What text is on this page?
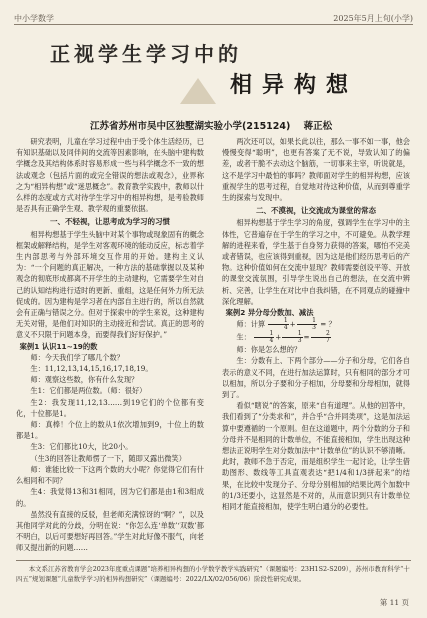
中小学数学	2025年5月上旬(小学)
正视学生学习中的
相异构想
江苏省苏州市吴中区独墅湖实验小学(215124) 蒋正松

研究表明，儿童在学习过程中由于受个体生活经历，已有知识基础以及同伴间的交流等因素影响，在头脑中建构数学概念及其结构体系时容易形成一些与科学概念不一致的想法或观念（包括片面的或完全错误的想法或观念），业界称之为“相异构想”或“迷思概念”。教育教学实践中，教师以什么样的态度或方式对待学生学习中的相异构想，是考验教师是否具有正确学生观、教学观的重要依据。

一、不轻视，让思考成为学习的习惯

相异构想基于学生头脑中对某个事物或现象固有的概念框架或解释结构，是学生对客观环境的能动反应，标志着学生内部思考与外部环境交互作用的开始。建构主义认为：“一个问题的真正解决，一种方法的基础掌握以及某种观念的彻底形成都离不开学生的主动建构，它需要学生对自己的认知结构进行适时的更新、重组，这是任何外力所无法促成的。因为建构是学习者在内部自主进行的，所以自然就会有正确与错误之分。但对于探索中的学生来说，这种建构无关对错，是他们对知识的主动接近和尝试。真正的思考的意义不只限于问题本身，而要得我们好好保护。”

案例1 认识11~19的数

师：今天我们学了哪几个数？

生：11,12,13,14,15,16,17,18,19。

师：观察这些数，你有什么发现？

生1：它们都是两位数。（师：很好）

生2：我发现11,12,13……到19它们的个位都有变化，十位都是1。

师：真棒！个位上的数从1依次增加到9，十位上的数都是1。

生3：它们都比10大，比20小。

（生3的回答让教师愣了一下，随即又露出微笑）

师：谁能比较一下这两个数的大小呢？你觉得它们有什么相同和不同？

生4：我觉得13和31相同，因为它们都是由1和3组成的。

虽然没有直接的反驳，但老师充满惊讶的“啊？”，以及其他同学对此的分歧，分明在说：“你怎么连‘单数’‘双数’都不明白，以后可要想好再回答。”学生对此好像不服气，向老师又提出新的问题……

两次还可以，如果长此以往，那么一事不如一事，他会慢慢变得“聪明”，也更有答案了无不说，导致认知了的偏差，或者干脆不去动这个脑筋，一切事来主宰，听说就是，这不是学习中最怕的事吗？教师面对学生的相异构想，应该重视学生的思考过程，自觉地对待这种价值，从而到尊重学生的探索与发现中。

二、不漠视，让交流成为课堂的常态

相异构想基于学生学习的角度，强调学生在学习中的主体性，它普遍存在于学生的学习之中，不可避免。从教学理解的进程来看，学生基于自身努力获得的答案，哪怕不完美或者错误，也应该得到重视，因为这是他们经历思考后的产物。这种价值如何在交流中显现？教师需要创设平等、开放的课堂交流氛围，引导学生说出自己的想法，在交流中辨析、完善，让学生在对比中自我纠错，在不同观点的碰撞中深化理解。

案例2 异分母分数加、减法

师：计算 $\frac{1}{4} + \frac{1}{3}$ = ？

生： $\frac{1}{4} + \frac{1}{3} = \frac{2}{7}$

师：你是怎么想的？

生：分数有上、下两个部分——分子和分母，它们各自表示的意义不同，在进行加法运算时，只有相同的部分才可以相加，所以分子要和分子相加，分母要和分母相加，就得到了。

看似“瞎说”的答案，原来“自有道理”。从他的回答中，我们看到了“分类求和”，并合乎“合并同类项”，这是加法运算中要遵循的一个原则。但在这道题中，两个分数的分子和分母并不是相同的计数单位，不能直接相加，学生出现这种想法正说明学生对分数加法中“计数单位”的认识不够清晰。此时，教师不急于否定，而是组织学生一起讨论，让学生借助图形、数线等工具直观表达“把1/4和1/3拼起来”的结果，在比较中发现分子、分母分别相加的结果比两个加数中的1/3还要小，这显然是不对的，从而意识到只有计数单位相同才能直接相加，使学生明白通分的必要性。

本文系江苏省教育学会2023年度重点课题“培养相异构想的小学数学教学实践研究”（课题编号：23H1S2-S209），苏州市教育科学“十四五”规划课题“儿童数学学习的相异构想研究”（课题编号：2022/LX/02/056/06）阶段性研究成果。
第 11 页
